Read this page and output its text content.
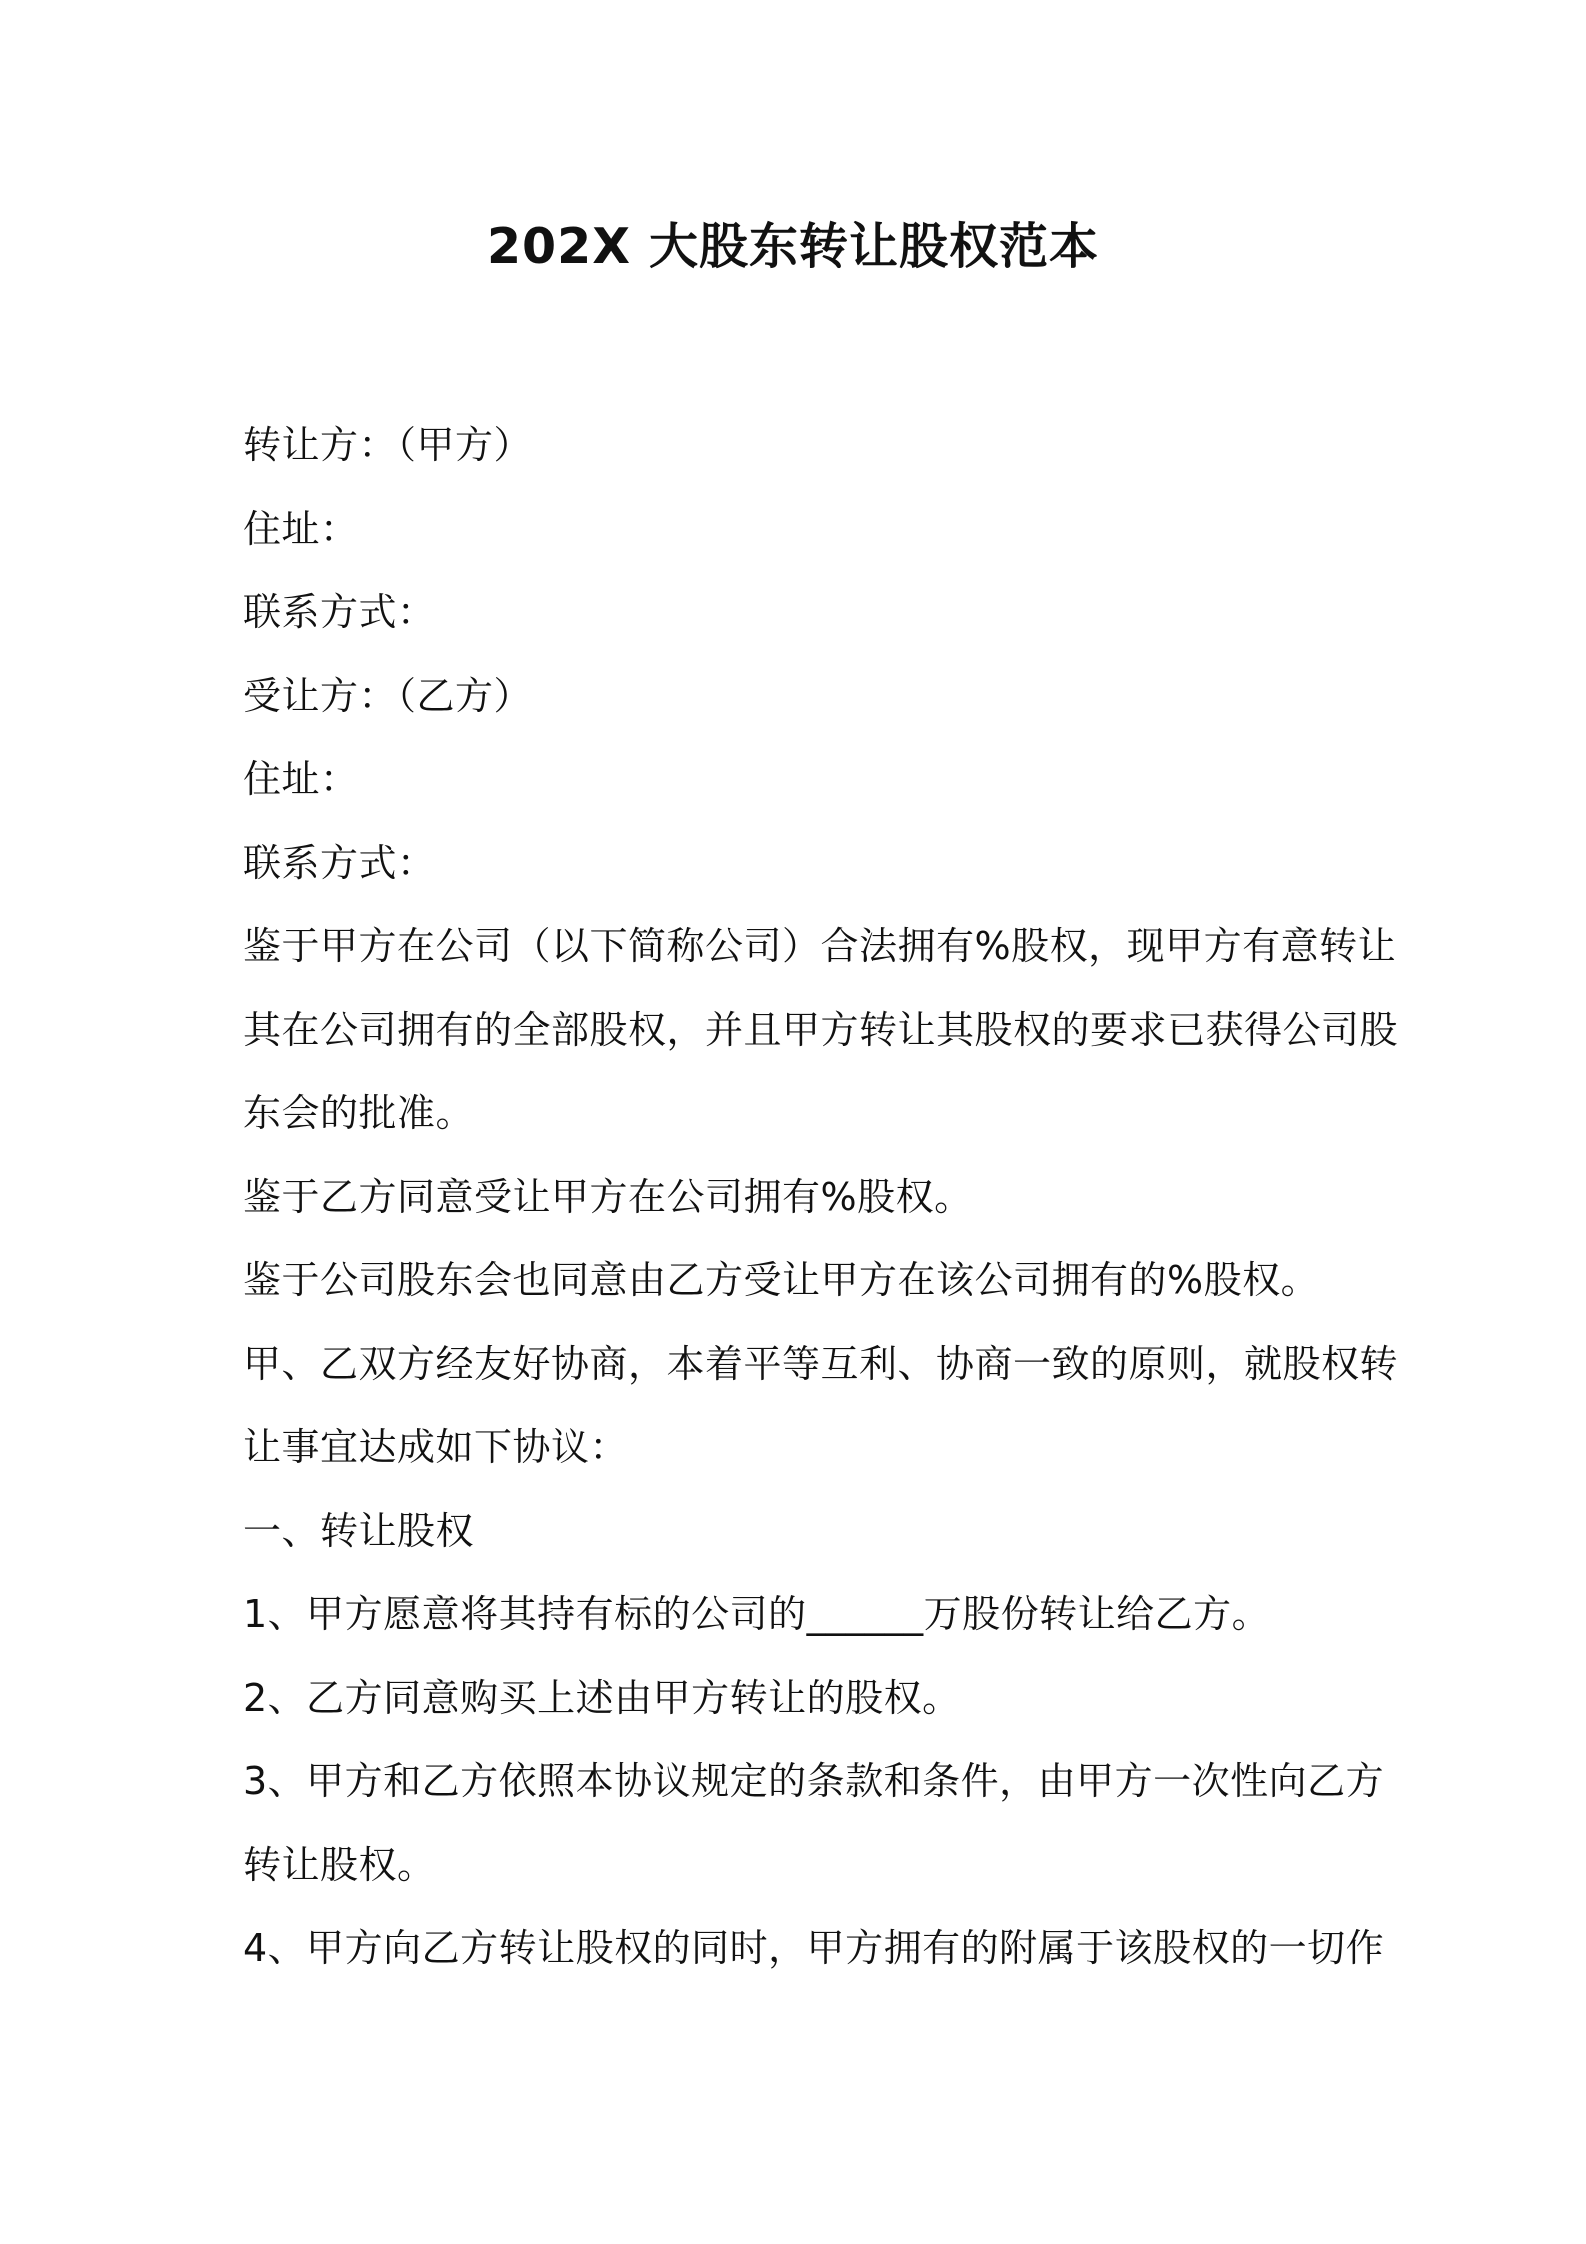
202X 大股东转让股权范本
转让方：（甲方）
住址：
联系方式：
受让方：（乙方）
住址：
联系方式：
鉴于甲方在公司（以下简称公司）合法拥有%股权，现甲方有意转让
其在公司拥有的全部股权，并且甲方转让其股权的要求已获得公司股
东会的批准。
鉴于乙方同意受让甲方在公司拥有%股权。
鉴于公司股东会也同意由乙方受让甲方在该公司拥有的%股权。
甲、乙双方经友好协商，本着平等互利、协商一致的原则，就股权转
让事宜达成如下协议：
一、转让股权
1、甲方愿意将其持有标的公司的______万股份转让给乙方。
2、乙方同意购买上述由甲方转让的股权。
3、甲方和乙方依照本协议规定的条款和条件，由甲方一次性向乙方
转让股权。
4、甲方向乙方转让股权的同时，甲方拥有的附属于该股权的一切作
